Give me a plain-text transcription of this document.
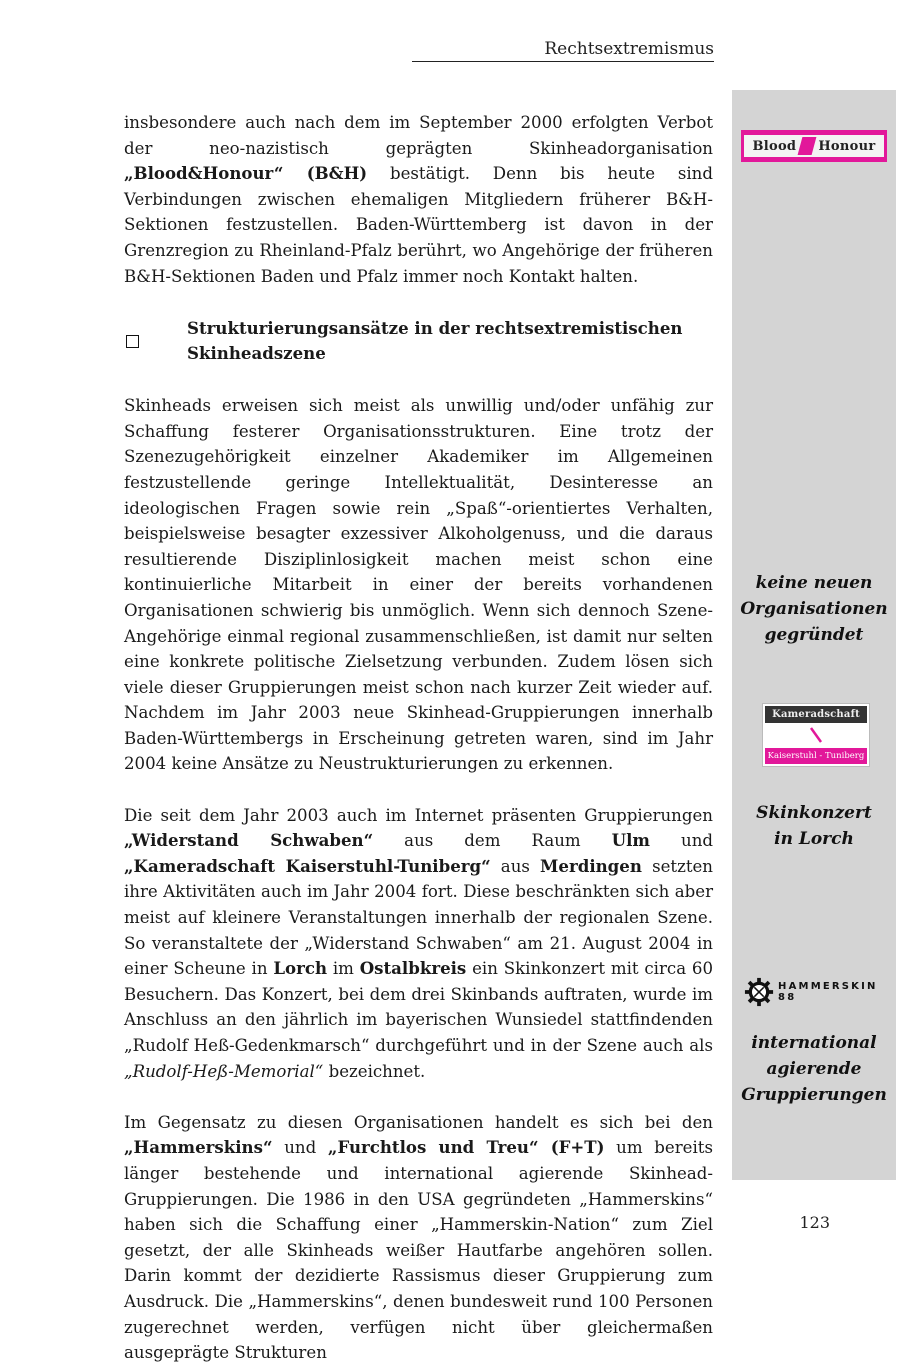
Rechtsextremismus

insbesondere auch nach dem im September 2000 erfolgten Verbot der neo-nazistisch geprägten Skinheadorganisation „Blood&Honour“ (B&H) bestätigt. Denn bis heute sind Verbindungen zwischen ehemaligen Mitgliedern früherer B&H-Sektionen festzustellen. Baden-Württemberg ist davon in der Grenzregion zu Rheinland-Pfalz berührt, wo Angehörige der früheren B&H-Sektionen Baden und Pfalz immer noch Kontakt halten.

Strukturierungsansätze in der rechtsextremistischen Skinheadszene

Skinheads erweisen sich meist als unwillig und/oder unfähig zur Schaffung festerer Organisationsstrukturen. Eine trotz der Szenezugehörigkeit einzelner Akademiker im Allgemeinen festzustellende geringe Intellektualität, Desinteresse an ideologischen Fragen sowie rein „Spaß“-orientiertes Verhalten, beispielsweise besagter exzessiver Alkoholgenuss, und die daraus resultierende Disziplinlosigkeit machen meist schon eine kontinuierliche Mitarbeit in einer der bereits vorhandenen Organisationen schwierig bis unmöglich. Wenn sich dennoch Szene-Angehörige einmal regional zusammenschließen, ist damit nur selten eine konkrete politische Zielsetzung verbunden. Zudem lösen sich viele dieser Gruppierungen meist schon nach kurzer Zeit wieder auf. Nachdem im Jahr 2003 neue Skinhead-Gruppierungen innerhalb Baden-Württembergs in Erscheinung getreten waren, sind im Jahr 2004 keine Ansätze zu Neustrukturierungen zu erkennen.

Die seit dem Jahr 2003 auch im Internet präsenten Gruppierungen „Widerstand Schwaben“ aus dem Raum Ulm und „Kameradschaft Kaiserstuhl-Tuniberg“ aus Merdingen setzten ihre Aktivitäten auch im Jahr 2004 fort. Diese beschränkten sich aber meist auf kleinere Veranstaltungen innerhalb der regionalen Szene. So veranstaltete der „Widerstand Schwaben“ am 21. August 2004 in einer Scheune in Lorch im Ostalbkreis ein Skinkonzert mit circa 60 Besuchern. Das Konzert, bei dem drei Skinbands auftraten, wurde im Anschluss an den jährlich im bayerischen Wunsiedel stattfindenden „Rudolf Heß-Gedenkmarsch“ durchgeführt und in der Szene auch als „Rudolf-Heß-Memorial“ bezeichnet.

Im Gegensatz zu diesen Organisationen handelt es sich bei den „Hammerskins“ und „Furchtlos und Treu“ (F+T) um bereits länger bestehende und international agierende Skinhead-Gruppierungen. Die 1986 in den USA gegründeten „Hammerskins“ haben sich die Schaffung einer „Hammerskin-Nation“ zum Ziel gesetzt, der alle Skinheads weißer Hautfarbe angehören sollen. Darin kommt der dezidierte Rassismus dieser Gruppierung zum Ausdruck. Die „Hammerskins“, denen bundesweit rund 100 Personen zugerechnet werden, verfügen nicht über gleichermaßen ausgeprägte Strukturen

Blood Honour
keine neuen
Organisationen
gegründet
Kameradschaft
Kaiserstuhl - Tuniberg
Skinkonzert
in Lorch
HAMMERSKIN 88
international
agierende
Gruppierungen
123
